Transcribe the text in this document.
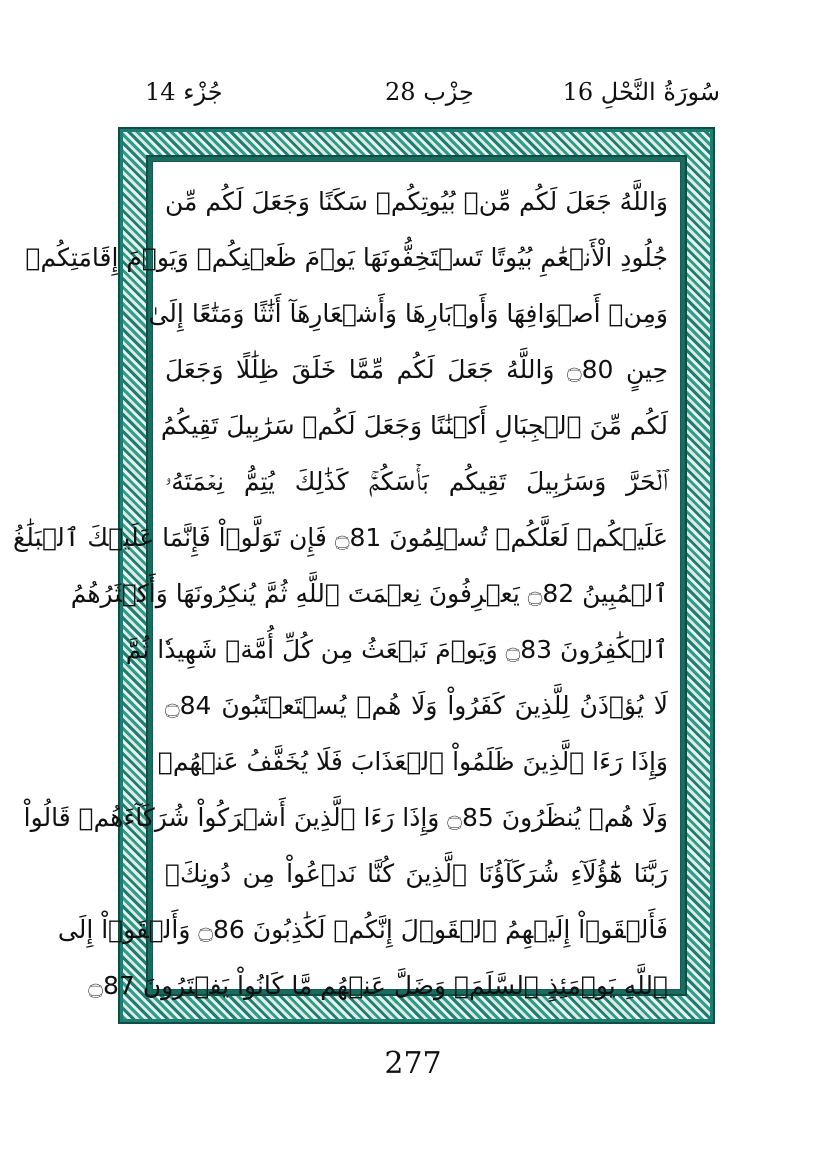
14 جُزْء	28 حِزْب	سُورَةُ النَّحْلِ 16
وَاللَّهُ جَعَلَ لَكُم مِّنۢ بُيُوتِكُمۡ سَكَنًا وَجَعَلَ لَكُم مِّن
جُلُودِ الْأَنۡعَٰمِ بُيُوتًا تَسۡتَخِفُّونَهَا يَوۡمَ ظَعۡنِكُمۡ وَيَوۡمَ إِقَامَتِكُمۡ
وَمِنۡ أَصۡوَافِهَا وَأَوۡبَارِهَا وَأَشۡعَارِهَآ أَثَٰثًا وَمَتَٰعًا إِلَىٰ
حِينٍ ۝80 وَاللَّهُ جَعَلَ لَكُم مِّمَّا خَلَقَ ظِلَٰلًا وَجَعَلَ
لَكُم مِّنَ ٱلۡجِبَالِ أَكۡنَٰنًا وَجَعَلَ لَكُمۡ سَرَٰبِيلَ تَقِيكُمُ
ٱلۡحَرَّ وَسَرَٰبِيلَ تَقِيكُم بَأۡسَكُمۡۚ كَذَٰلِكَ يُتِمُّ نِعۡمَتَهُۥ
عَلَيۡكُمۡ لَعَلَّكُمۡ تُسۡلِمُونَ ۝81 فَإِن تَوَلَّوۡاْ فَإِنَّمَا عَلَيۡكَ ٱلۡبَلَٰغُ
ٱلۡمُبِينُ ۝82 يَعۡرِفُونَ نِعۡمَتَ ٱللَّهِ ثُمَّ يُنكِرُونَهَا وَأَكۡثَرُهُمُ
ٱلۡكَٰفِرُونَ ۝83 وَيَوۡمَ نَبۡعَثُ مِن كُلِّ أُمَّةٖ شَهِيدٗا ثُمَّ
لَا يُؤۡذَنُ لِلَّذِينَ كَفَرُواْ وَلَا هُمۡ يُسۡتَعۡتَبُونَ ۝84
وَإِذَا رَءَا ٱلَّذِينَ ظَلَمُواْ ٱلۡعَذَابَ فَلَا يُخَفَّفُ عَنۡهُمۡ
وَلَا هُمۡ يُنظَرُونَ ۝85 وَإِذَا رَءَا ٱلَّذِينَ أَشۡرَكُواْ شُرَكَآءَهُمۡ قَالُواْ
رَبَّنَا هَٰٓؤُلَآءِ شُرَكَآؤُنَا ٱلَّذِينَ كُنَّا نَدۡعُواْ مِن دُونِكَۖ
فَأَلۡقَوۡاْ إِلَيۡهِمُ ٱلۡقَوۡلَ إِنَّكُمۡ لَكَٰذِبُونَ ۝86 وَأَلۡقَوۡاْ إِلَى
ٱللَّهِ يَوۡمَئِذٍ ٱلسَّلَمَۖ وَضَلَّ عَنۡهُم مَّا كَانُواْ يَفۡتَرُونَ ۝87
277
